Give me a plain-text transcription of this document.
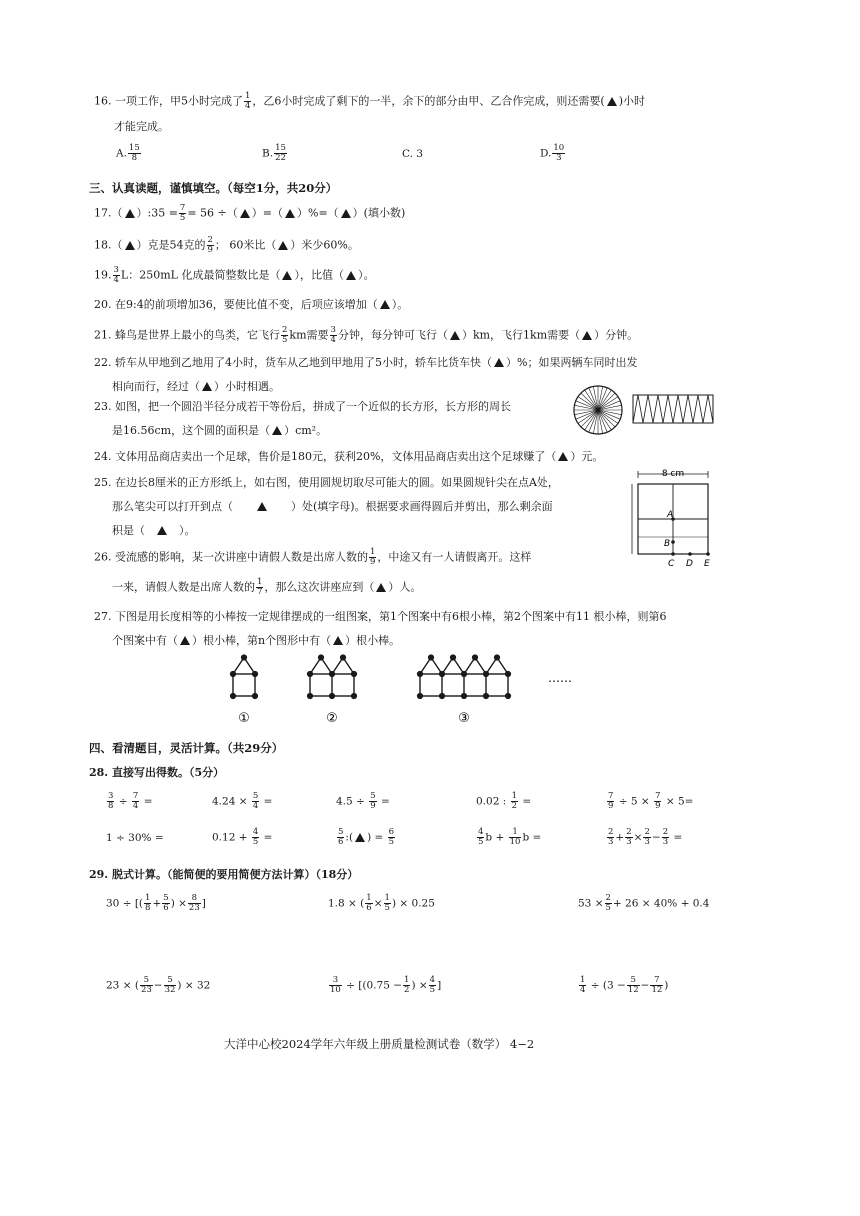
16. 一项工作，甲5小时完成了 $\frac{1}{4}$ ，乙6小时完成了剩下的一半，余下的部分由甲、乙合作完成，则还需要( )小时
才能完成。
A. $\frac{15}{8}$	B. $\frac{15}{22}$	C. 3	D. $\frac{10}{3}$
三、认真读题，谨慎填空。（每空1分，共20分）
17.（ ）:35 = $\frac{7}{5} = 56$ ÷（ ）=（ ）%=（ ）(填小数)
18.（ ）克是54克的 $\frac{2}{9}$ ； 60米比（ ）米少60%。
19. $\frac{3}{4}$ L：250mL 化成最简整数比是（ ），比值（ ）。
20. 在9:4的前项增加36，要使比值不变，后项应该增加（ ）。
21. 蜂鸟是世界上最小的鸟类，它飞行 $\frac{2}{5}$ km需要 $\frac{3}{4}$ 分钟，每分钟可飞行（ ）km，飞行1km需要（ ）分钟。
22. 轿车从甲地到乙地用了4小时，货车从乙地到甲地用了5小时，轿车比货车快（ ）%；如果两辆车同时出发
相向而行，经过（ ）小时相遇。
23. 如图，把一个圆沿半径分成若干等份后，拼成了一个近似的长方形，长方形的周长
是16.56cm，这个圆的面积是（ ）cm²。
24. 文体用品商店卖出一个足球，售价是180元，获利20%，文体用品商店卖出这个足球赚了（ ）元。
25. 在边长8厘米的正方形纸上，如右图，使用圆规切取尽可能大的圆。如果圆规针尖在点A处，
那么笔尖可以打开到点（	）处(填字母)。根据要求画得圆后并剪出，那么剩余面
积是（	）。
8 cm
A
B
C D E
26. 受流感的影响，某一次讲座中请假人数是出席人数的 $\frac{1}{9}$ ，中途又有一人请假离开。这样
一来，请假人数是出席人数的 $\frac{1}{7}$ ，那么这次讲座应到（ ）人。
27. 下图是用长度相等的小棒按一定规律摆成的一组图案，第1个图案中有6根小棒，第2个图案中有11 根小棒，则第6
个图案中有（ ）根小棒，第n个图形中有（ ）根小棒。
①	②	③
……
四、看清题目，灵活计算。（共29分）
28. 直接写出得数。（5分）
$\frac{3}{8} \div \frac{7}{4}$ =	$4.24 \times \frac{5}{4}$ =	$4.5 \div \frac{5}{9}$ =	0.02 : $\frac{1}{2}$ =	$\frac{7}{9} \div 5 \times \frac{7}{9} \times 5=$
1 ÷ 30% =	$0.12 + \frac{4}{5}$ =	$\frac{5}{6}$ :( ) = $\frac{6}{5}$	$\frac{4}{5}$ $b + \frac{1}{10}$ b =	$\frac{2}{3} + \frac{2}{3} \times \frac{2}{3} - \frac{2}{3}$ =
29. 脱式计算。（能简便的要用简便方法计算）（18分）
30 ÷ [( $\frac{1}{8} + \frac{5}{6}$ ) × $\frac{8}{23}$ ]	1.8 × ( $\frac{1}{6} \times \frac{1}{5}$ ) × 0.25	$53 \times \frac{2}{5} + 26 \times 40\% + 0.4$
23 × ( $\frac{5}{23} - \frac{5}{32}$ ) × 32	$\frac{3}{10} \div [(0.75 - \frac{1}{2}$ ) × $\frac{4}{5}$ ]	$\frac{1}{4} \div (3 - \frac{5}{12} - \frac{7}{12}$ )
大洋中心校2024学年六年级上册质量检测试卷（数学） 4−2
